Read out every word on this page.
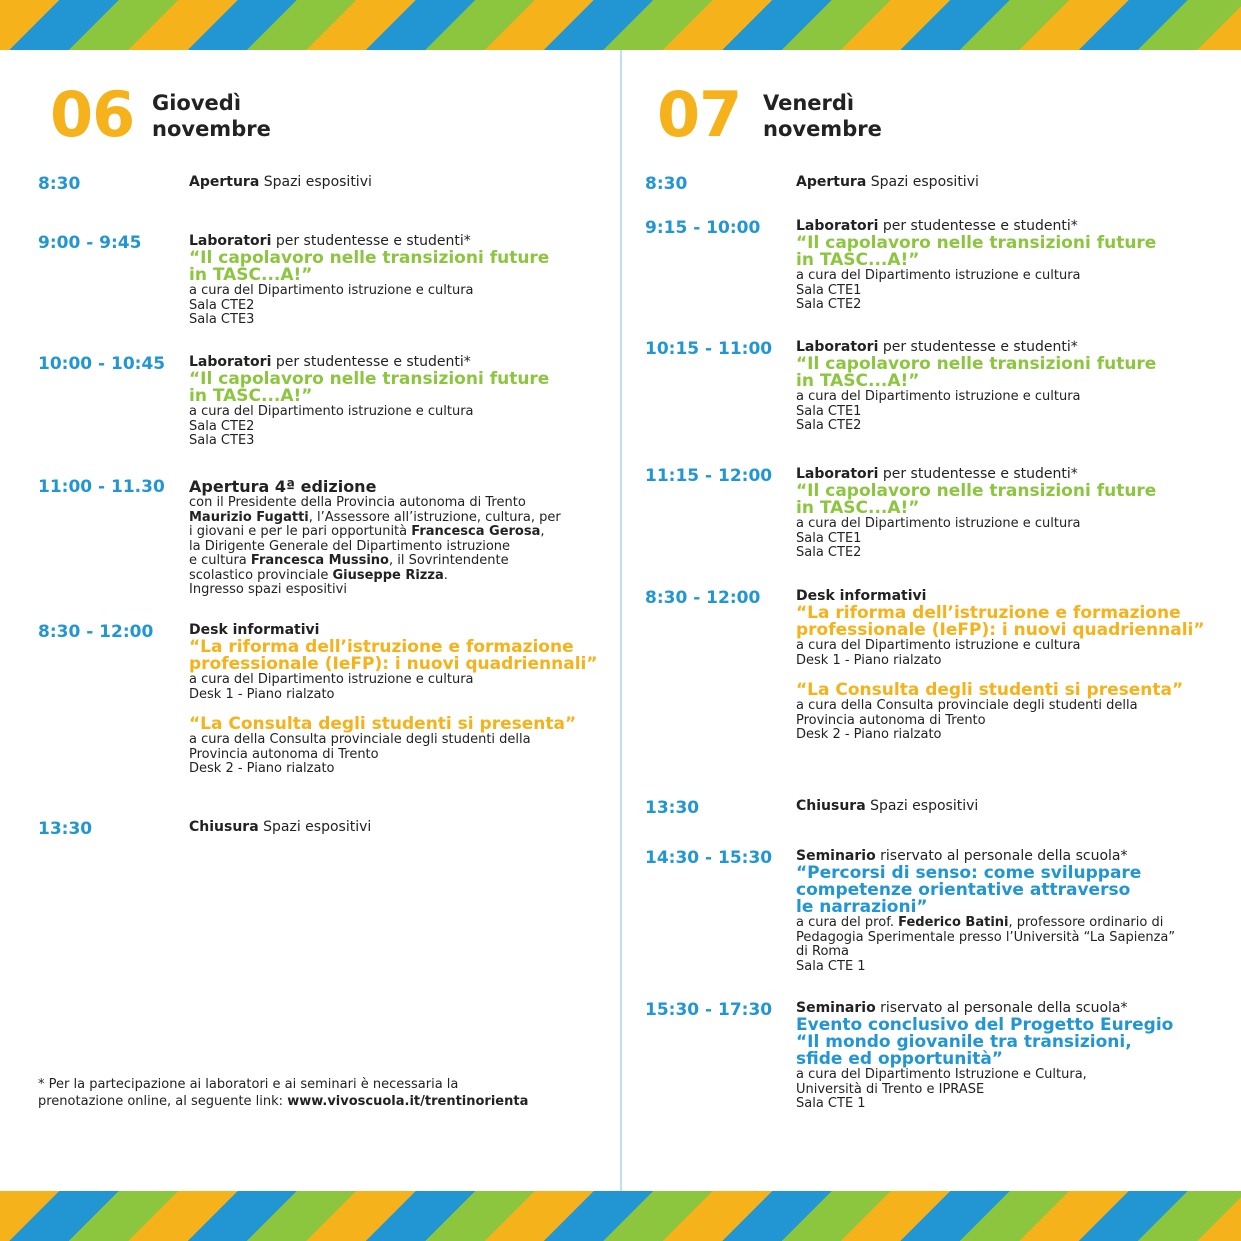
06 Giovedì
novembre
8:30	Apertura Spazi espositivi
9:00 - 9:45	Laboratori per studentesse e studenti*
“Il capolavoro nelle transizioni future
in TASC...A!”
a cura del Dipartimento istruzione e cultura
Sala CTE2
Sala CTE3
10:00 - 10:45 Laboratori per studentesse e studenti*
“Il capolavoro nelle transizioni future
in TASC...A!”
a cura del Dipartimento istruzione e cultura
Sala CTE2
Sala CTE3
11:00 - 11.30 Apertura 4ª edizione
con il Presidente della Provincia autonoma di Trento
Maurizio Fugatti, l’Assessore all’istruzione, cultura, per
i giovani e per le pari opportunità Francesca Gerosa,
la Dirigente Generale del Dipartimento istruzione
e cultura Francesca Mussino, il Sovrintendente
scolastico provinciale Giuseppe Rizza.
Ingresso spazi espositivi
8:30 - 12:00	Desk informativi
“La riforma dell’istruzione e formazione
professionale (IeFP): i nuovi quadriennali”
a cura del Dipartimento istruzione e cultura
Desk 1 - Piano rialzato
“La Consulta degli studenti si presenta”
a cura della Consulta provinciale degli studenti della
Provincia autonoma di Trento
Desk 2 - Piano rialzato
13:30	Chiusura Spazi espositivi
* Per la partecipazione ai laboratori e ai seminari è necessaria la
prenotazione online, al seguente link: www.vivoscuola.it/trentinorienta
07 Venerdì
novembre
8:30	Apertura Spazi espositivi
9:15 - 10:00	Laboratori per studentesse e studenti*
“Il capolavoro nelle transizioni future
in TASC...A!”
a cura del Dipartimento istruzione e cultura
Sala CTE1
Sala CTE2
10:15 - 11:00 Laboratori per studentesse e studenti*
“Il capolavoro nelle transizioni future
in TASC...A!”
a cura del Dipartimento istruzione e cultura
Sala CTE1
Sala CTE2
11:15 - 12:00 Laboratori per studentesse e studenti*
“Il capolavoro nelle transizioni future
in TASC...A!”
a cura del Dipartimento istruzione e cultura
Sala CTE1
Sala CTE2
8:30 - 12:00	Desk informativi
“La riforma dell’istruzione e formazione
professionale (IeFP): i nuovi quadriennali”
a cura del Dipartimento istruzione e cultura
Desk 1 - Piano rialzato
“La Consulta degli studenti si presenta”
a cura della Consulta provinciale degli studenti della
Provincia autonoma di Trento
Desk 2 - Piano rialzato
13:30	Chiusura Spazi espositivi
14:30 - 15:30 Seminario riservato al personale della scuola*
“Percorsi di senso: come sviluppare
competenze orientative attraverso
le narrazioni”
a cura del prof. Federico Batini, professore ordinario di
Pedagogia Sperimentale presso l’Università “La Sapienza”
di Roma
Sala CTE 1
15:30 - 17:30 Seminario riservato al personale della scuola*
Evento conclusivo del Progetto Euregio
“Il mondo giovanile tra transizioni,
sfide ed opportunità”
a cura del Dipartimento Istruzione e Cultura,
Università di Trento e IPRASE
Sala CTE 1
